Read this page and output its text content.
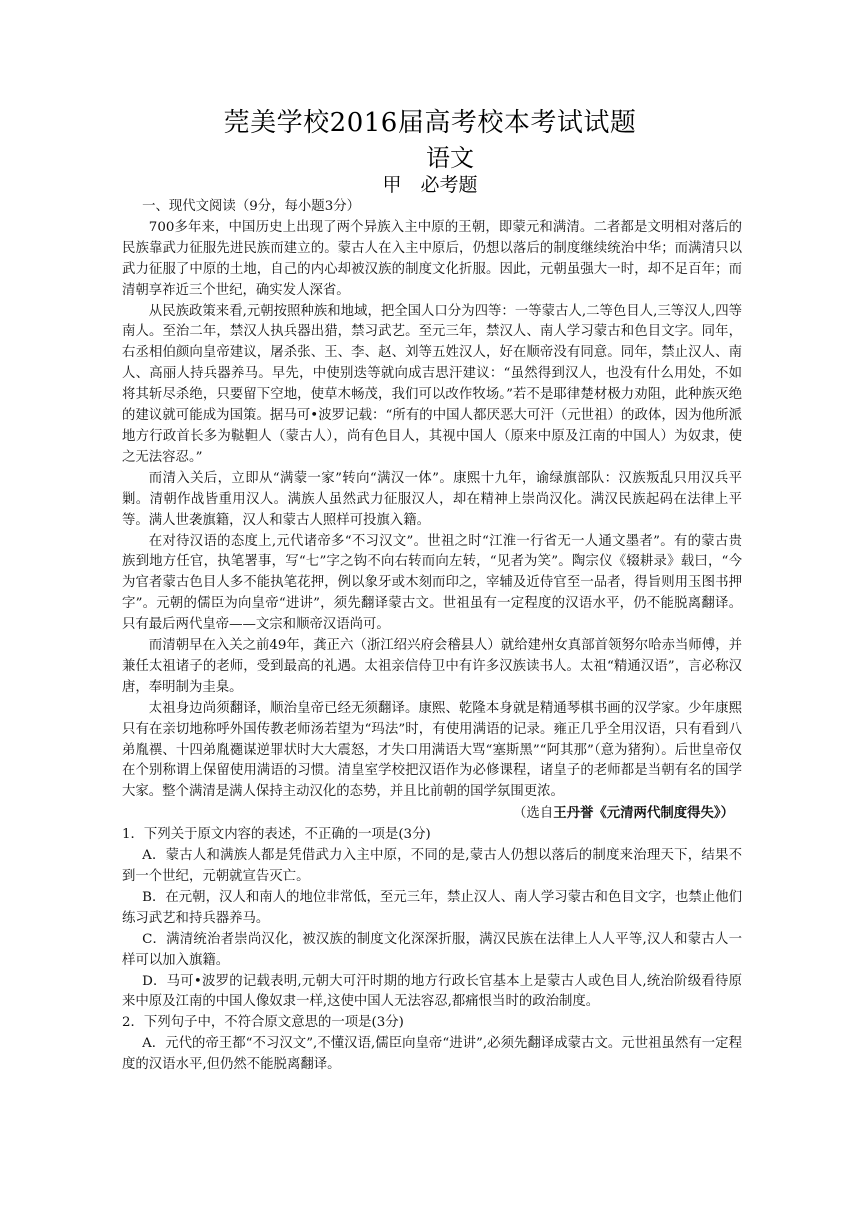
莞美学校2016届高考校本考试试题
语文
甲　必考题

一、现代文阅读（9分，每小题3分）

700多年来，中国历史上出现了两个异族入主中原的王朝，即蒙元和满清。二者都是文明相对落后的民族靠武力征服先进民族而建立的。蒙古人在入主中原后，仍想以落后的制度继续统治中华；而满清只以武力征服了中原的土地，自己的内心却被汉族的制度文化折服。因此，元朝虽强大一时，却不足百年；而清朝享祚近三个世纪，确实发人深省。

从民族政策来看,元朝按照种族和地域，把全国人口分为四等：一等蒙古人,二等色目人,三等汉人,四等南人。至治二年，禁汉人执兵器出猎，禁习武艺。至元三年，禁汉人、南人学习蒙古和色目文字。同年，右丞相伯颜向皇帝建议，屠杀张、王、李、赵、刘等五姓汉人，好在顺帝没有同意。同年，禁止汉人、南人、高丽人持兵器养马。早先，中使别迭等就向成吉思汗建议：“虽然得到汉人，也没有什么用处，不如将其斩尽杀绝，只要留下空地，使草木畅茂，我们可以改作牧场。”若不是耶律楚材极力劝阻，此种族灭绝的建议就可能成为国策。据马可•波罗记载：“所有的中国人都厌恶大可汗（元世祖）的政体，因为他所派地方行政首长多为鞑靼人（蒙古人），尚有色目人，其视中国人（原来中原及江南的中国人）为奴隶，使之无法容忍。”

而清入关后，立即从“满蒙一家”转向“满汉一体”。康熙十九年，谕绿旗部队：汉族叛乱只用汉兵平剿。清朝作战皆重用汉人。满族人虽然武力征服汉人，却在精神上崇尚汉化。满汉民族起码在法律上平等。满人世袭旗籍，汉人和蒙古人照样可投旗入籍。

在对待汉语的态度上,元代诸帝多“不习汉文”。世祖之时“江淮一行省无一人通文墨者”。有的蒙古贵族到地方任官，执笔署事，写“七”字之钩不向右转而向左转，“见者为笑”。陶宗仪《辍耕录》载曰，“今为官者蒙古色目人多不能执笔花押，例以象牙或木刻而印之，宰辅及近侍官至一品者，得旨则用玉图书押字”。元朝的儒臣为向皇帝“进讲”，须先翻译蒙古文。世祖虽有一定程度的汉语水平，仍不能脱离翻译。只有最后两代皇帝——文宗和顺帝汉语尚可。

而清朝早在入关之前49年，龚正六（浙江绍兴府会稽县人）就给建州女真部首领努尔哈赤当师傅，并兼任太祖诸子的老师，受到最高的礼遇。太祖亲信侍卫中有许多汉族读书人。太祖“精通汉语”，言必称汉唐，奉明制为圭臬。

太祖身边尚须翻译，顺治皇帝已经无须翻译。康熙、乾隆本身就是精通琴棋书画的汉学家。少年康熙只有在亲切地称呼外国传教老师汤若望为“玛法”时，有使用满语的记录。雍正几乎全用汉语，只有看到八弟胤禩、十四弟胤禵谋逆罪状时大大震怒，才失口用满语大骂“塞斯黑”“阿其那”（意为猪狗）。后世皇帝仅在个别称谓上保留使用满语的习惯。清皇室学校把汉语作为必修课程，诸皇子的老师都是当朝有名的国学大家。整个满清是满人保持主动汉化的态势，并且比前朝的国学氛围更浓。

（选自王丹誉《元清两代制度得失》）

1．下列关于原文内容的表述，不正确的一项是(3分)

A．蒙古人和满族人都是凭借武力入主中原，不同的是,蒙古人仍想以落后的制度来治理天下，结果不到一个世纪，元朝就宣告灭亡。

B．在元朝，汉人和南人的地位非常低，至元三年，禁止汉人、南人学习蒙古和色目文字，也禁止他们练习武艺和持兵器养马。

C．满清统治者崇尚汉化，被汉族的制度文化深深折服，满汉民族在法律上人人平等,汉人和蒙古人一样可以加入旗籍。

D．马可•波罗的记载表明,元朝大可汗时期的地方行政长官基本上是蒙古人或色目人,统治阶级看待原来中原及江南的中国人像奴隶一样,这使中国人无法容忍,都痛恨当时的政治制度。

2．下列句子中，不符合原文意思的一项是(3分)

A．元代的帝王都“不习汉文”,不懂汉语,儒臣向皇帝“进讲”,必须先翻译成蒙古文。元世祖虽然有一定程度的汉语水平,但仍然不能脱离翻译。
